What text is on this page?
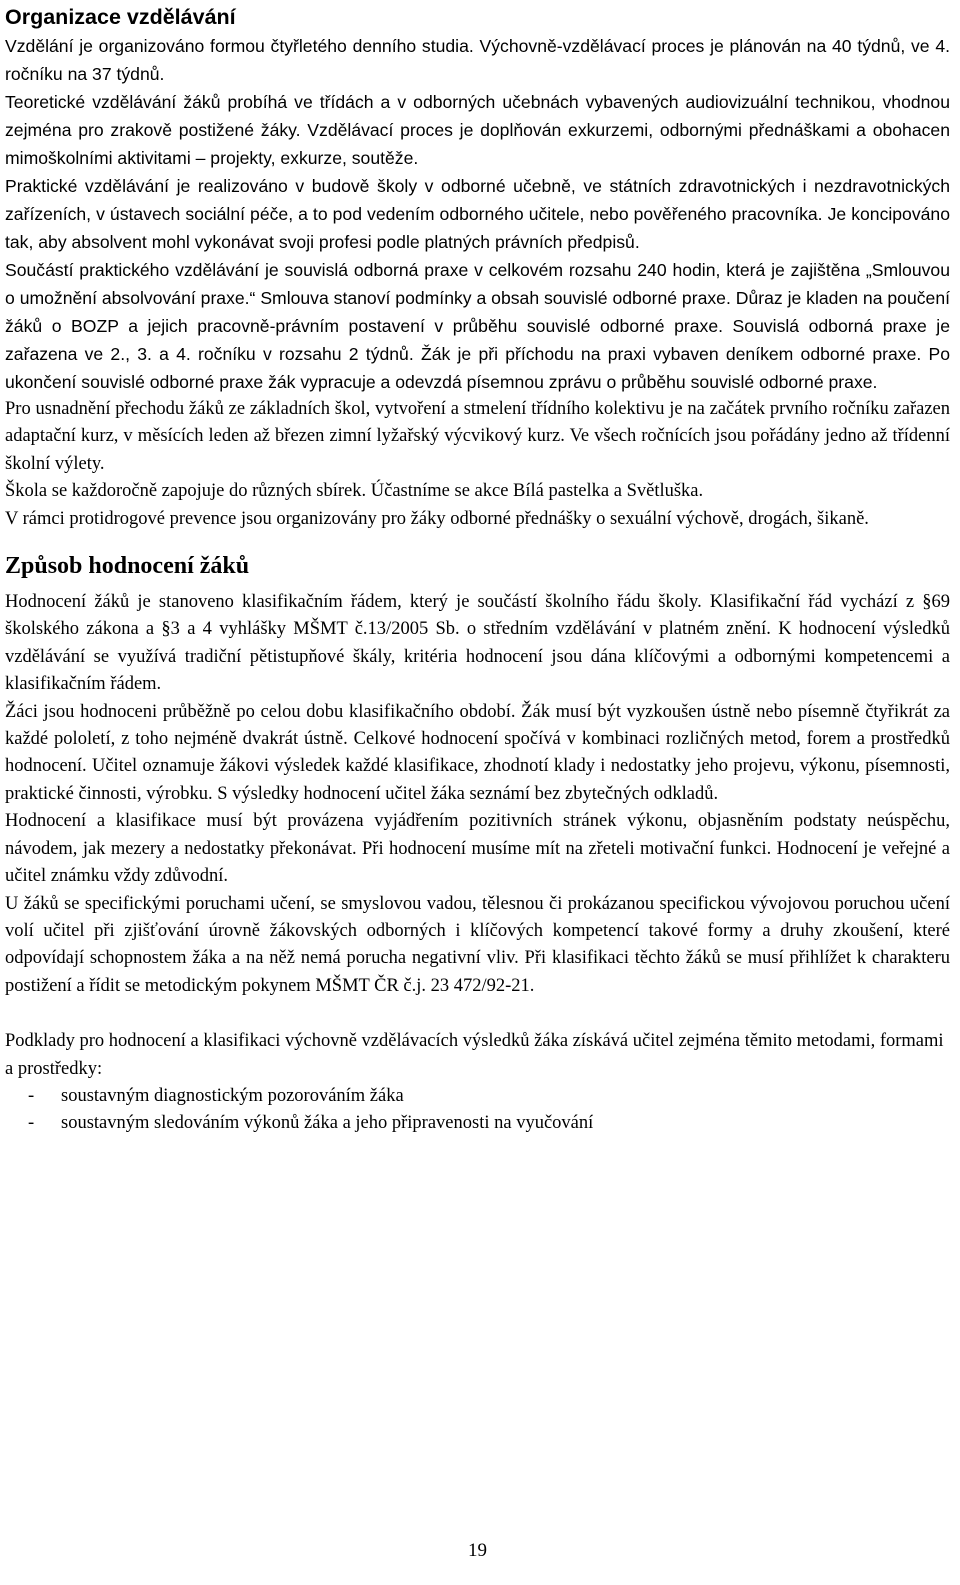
Organizace vzdělávání

Vzdělání je organizováno formou čtyřletého denního studia. Výchovně-vzdělávací proces je plánován na 40 týdnů, ve 4. ročníku na 37 týdnů.

Teoretické vzdělávání žáků probíhá ve třídách a v odborných učebnách vybavených audiovizuální technikou, vhodnou zejména pro zrakově postižené žáky. Vzdělávací proces je doplňován exkurzemi, odbornými přednáškami a obohacen mimoškolními aktivitami – projekty, exkurze, soutěže.

Praktické vzdělávání je realizováno v budově školy v odborné učebně, ve státních zdravotnických i nezdravotnických zařízeních, v ústavech sociální péče, a to pod vedením odborného učitele, nebo pověřeného pracovníka. Je koncipováno tak, aby absolvent mohl vykonávat svoji profesi podle platných právních předpisů.

Součástí praktického vzdělávání je souvislá odborná praxe v celkovém rozsahu 240 hodin, která je zajištěna „Smlouvou o umožnění absolvování praxe.“ Smlouva stanoví podmínky a obsah souvislé odborné praxe. Důraz je kladen na poučení žáků o BOZP a jejich pracovně-právním postavení v průběhu souvislé odborné praxe. Souvislá odborná praxe je zařazena ve 2., 3. a 4. ročníku v rozsahu 2 týdnů. Žák je při příchodu na praxi vybaven deníkem odborné praxe. Po ukončení souvislé odborné praxe žák vypracuje a odevzdá písemnou zprávu o průběhu souvislé odborné praxe.

Pro usnadnění přechodu žáků ze základních škol, vytvoření a stmelení třídního kolektivu je na začátek prvního ročníku zařazen adaptační kurz, v měsících leden až březen zimní lyžařský výcvikový kurz. Ve všech ročnících jsou pořádány jedno až třídenní školní výlety.

Škola se každoročně zapojuje do různých sbírek. Účastníme se akce Bílá pastelka a Světluška.

V rámci protidrogové prevence jsou organizovány pro žáky odborné přednášky o sexuální výchově, drogách, šikaně.

Způsob hodnocení žáků

Hodnocení žáků je stanoveno klasifikačním řádem, který je součástí školního řádu školy. Klasifikační řád vychází z §69 školského zákona a §3 a 4 vyhlášky MŠMT č.13/2005 Sb. o středním vzdělávání v platném znění. K hodnocení výsledků vzdělávání se využívá tradiční pětistupňové škály, kritéria hodnocení jsou dána klíčovými a odbornými kompetencemi a klasifikačním řádem.

Žáci jsou hodnoceni průběžně po celou dobu klasifikačního období. Žák musí být vyzkoušen ústně nebo písemně čtyřikrát za každé pololetí, z toho nejméně dvakrát ústně. Celkové hodnocení spočívá v kombinaci rozličných metod, forem a prostředků hodnocení. Učitel oznamuje žákovi výsledek každé klasifikace, zhodnotí klady i nedostatky jeho projevu, výkonu, písemnosti, praktické činnosti, výrobku. S výsledky hodnocení učitel žáka seznámí bez zbytečných odkladů.

Hodnocení a klasifikace musí být provázena vyjádřením pozitivních stránek výkonu, objasněním podstaty neúspěchu, návodem, jak mezery a nedostatky překonávat. Při hodnocení musíme mít na zřeteli motivační funkci. Hodnocení je veřejné a učitel známku vždy zdůvodní.

U žáků se specifickými poruchami učení, se smyslovou vadou, tělesnou či prokázanou specifickou vývojovou poruchou učení volí učitel při zjišťování úrovně žákovských odborných i klíčových kompetencí takové formy a druhy zkoušení, které odpovídají schopnostem žáka a na něž nemá porucha negativní vliv. Při klasifikaci těchto žáků se musí přihlížet k charakteru postižení a řídit se metodickým pokynem MŠMT ČR č.j. 23 472/92-21.

Podklady pro hodnocení a klasifikaci výchovně vzdělávacích výsledků žáka získává učitel zejména těmito metodami, formami a prostředky:

- soustavným diagnostickým pozorováním žáka
- soustavným sledováním výkonů žáka a jeho připravenosti na vyučování
19
